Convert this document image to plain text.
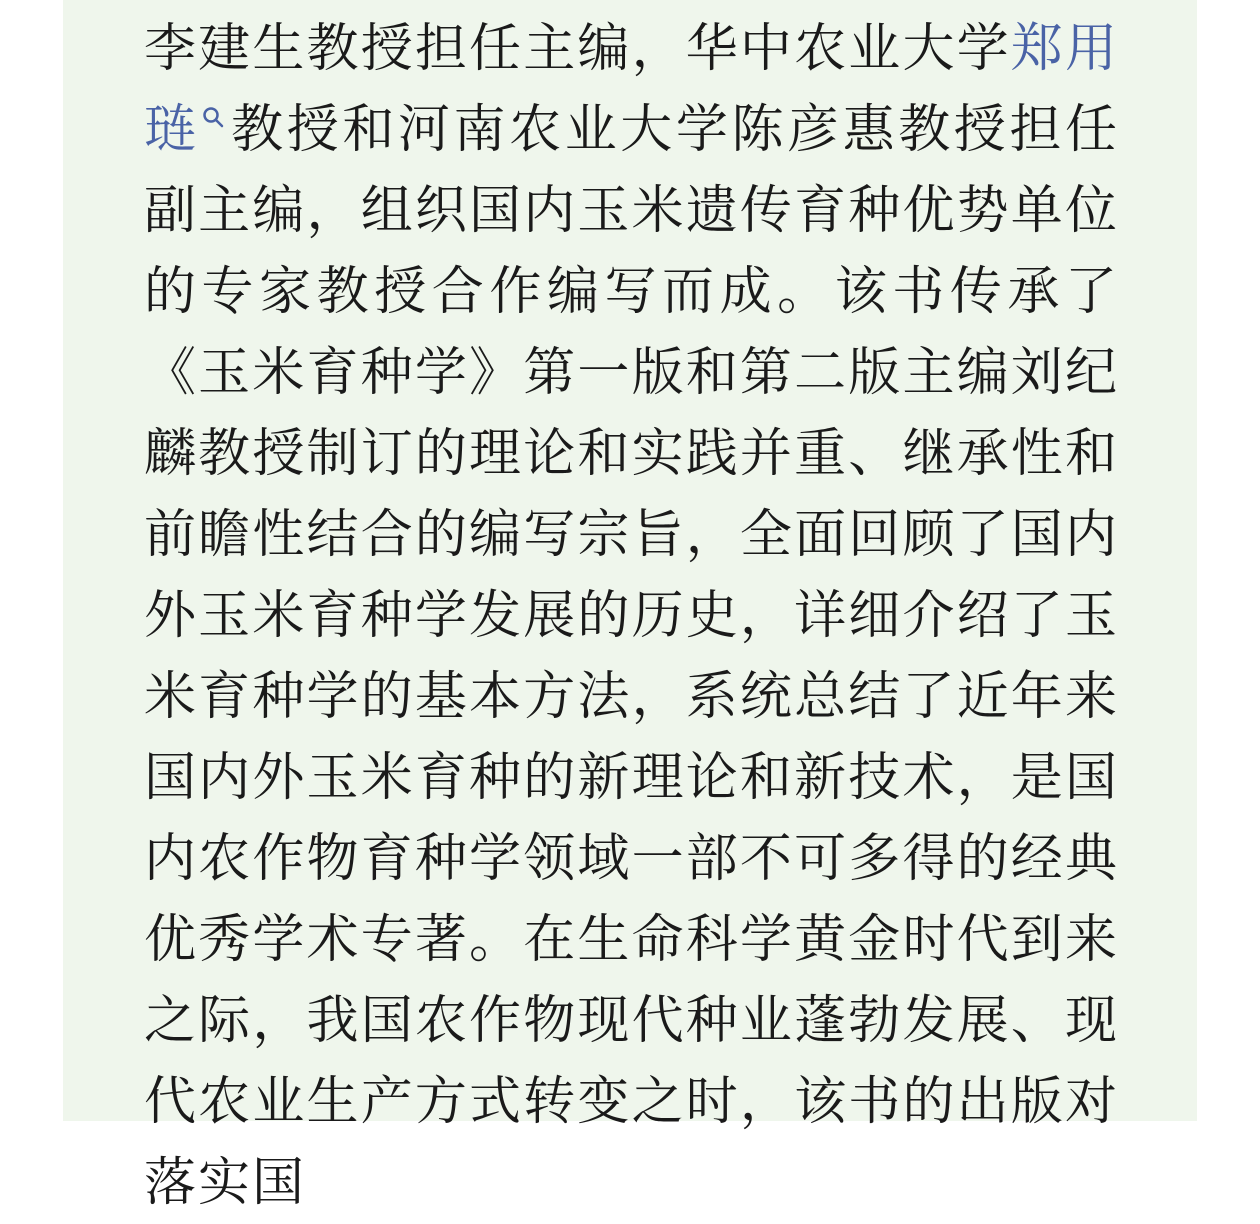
李建生教授担任主编，华中农业大学郑用琏 教授和河南农业大学陈彦惠教授担任副主编，组织国内玉米遗传育种优势单位的专家教授合作编写而成。该书传承了《玉米育种学》第一版和第二版主编刘纪麟教授制订的理论和实践并重、继承性和前瞻性结合的编写宗旨，全面回顾了国内外玉米育种学发展的历史，详细介绍了玉米育种学的基本方法，系统总结了近年来国内外玉米育种的新理论和新技术，是国内农作物育种学领域一部不可多得的经典优秀学术专著。在生命科学黄金时代到来之际，我国农作物现代种业蓬勃发展、现代农业生产方式转变之时，该书的出版对落实国
